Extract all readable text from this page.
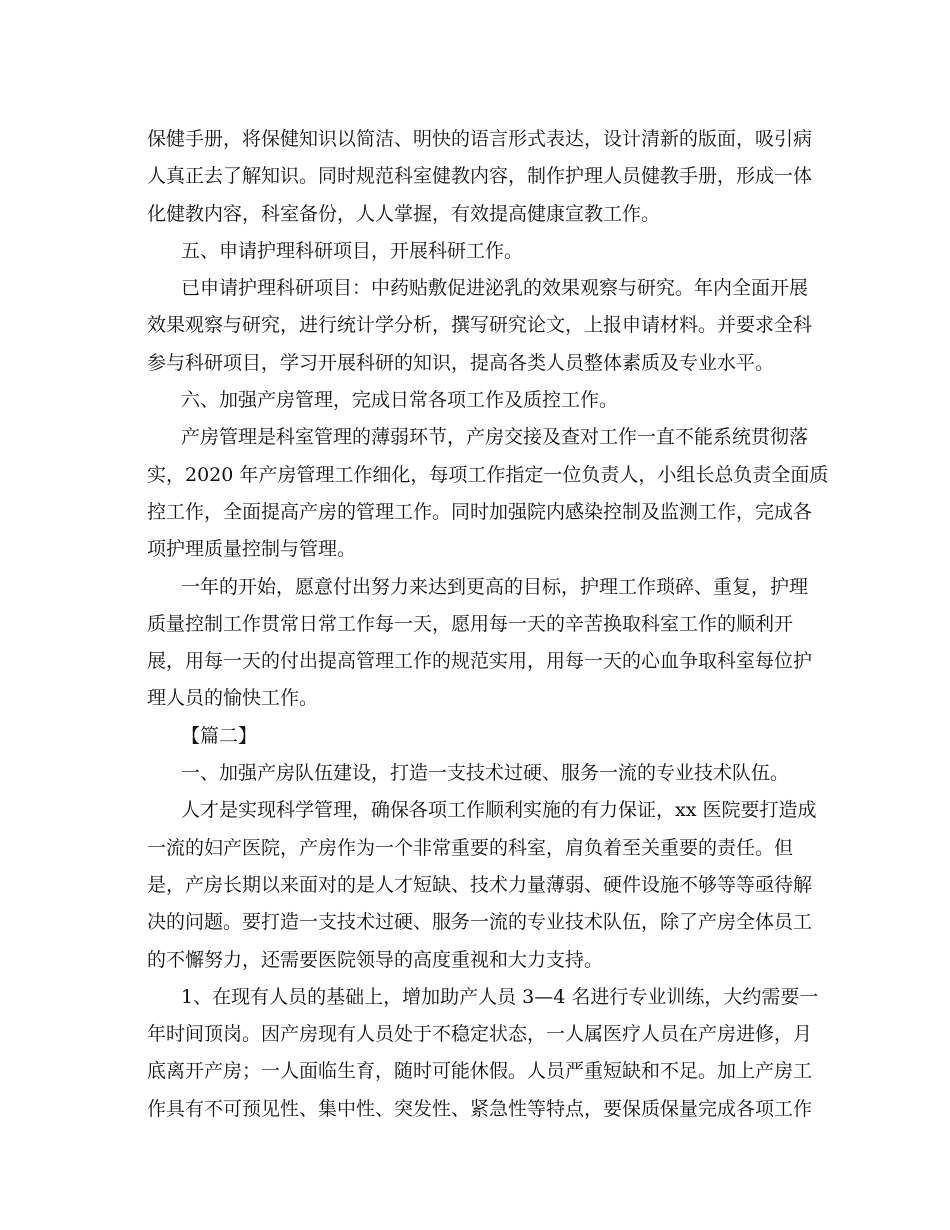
保健手册，将保健知识以简洁、明快的语言形式表达，设计清新的版面，吸引病
人真正去了解知识。同时规范科室健教内容，制作护理人员健教手册，形成一体
化健教内容，科室备份，人人掌握，有效提高健康宣教工作。
五、申请护理科研项目，开展科研工作。
已申请护理科研项目：中药贴敷促进泌乳的效果观察与研究。年内全面开展
效果观察与研究，进行统计学分析，撰写研究论文，上报申请材料。并要求全科
参与科研项目，学习开展科研的知识，提高各类人员整体素质及专业水平。
六、加强产房管理，完成日常各项工作及质控工作。
产房管理是科室管理的薄弱环节，产房交接及查对工作一直不能系统贯彻落
实，2020 年产房管理工作细化，每项工作指定一位负责人，小组长总负责全面质
控工作，全面提高产房的管理工作。同时加强院内感染控制及监测工作，完成各
项护理质量控制与管理。
一年的开始，愿意付出努力来达到更高的目标，护理工作琐碎、重复，护理
质量控制工作贯常日常工作每一天，愿用每一天的辛苦换取科室工作的顺利开
展，用每一天的付出提高管理工作的规范实用，用每一天的心血争取科室每位护
理人员的愉快工作。
【篇二】
一、加强产房队伍建设，打造一支技术过硬、服务一流的专业技术队伍。
人才是实现科学管理，确保各项工作顺利实施的有力保证，xx 医院要打造成
一流的妇产医院，产房作为一个非常重要的科室，肩负着至关重要的责任。但
是，产房长期以来面对的是人才短缺、技术力量薄弱、硬件设施不够等等亟待解
决的问题。要打造一支技术过硬、服务一流的专业技术队伍，除了产房全体员工
的不懈努力，还需要医院领导的高度重视和大力支持。
1、在现有人员的基础上，增加助产人员 3—4 名进行专业训练，大约需要一
年时间顶岗。因产房现有人员处于不稳定状态，一人属医疗人员在产房进修，月
底离开产房；一人面临生育，随时可能休假。人员严重短缺和不足。加上产房工
作具有不可预见性、集中性、突发性、紧急性等特点，要保质保量完成各项工作
